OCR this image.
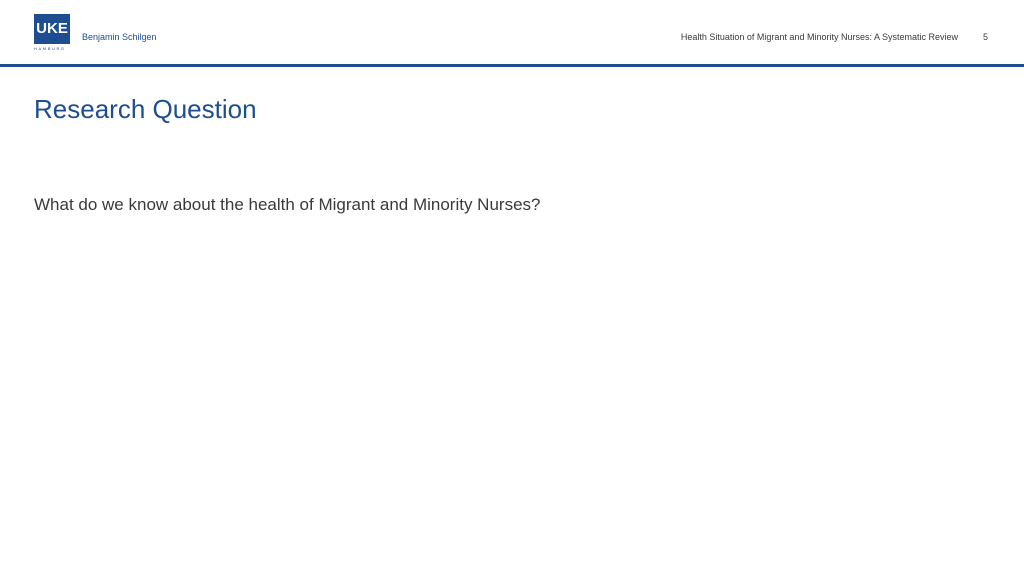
UKE
HAMBURG
Benjamin Schilgen	Health Situation of Migrant and Minority Nurses: A Systematic Review	5
Research Question
What do we know about the health of Migrant and Minority Nurses?
